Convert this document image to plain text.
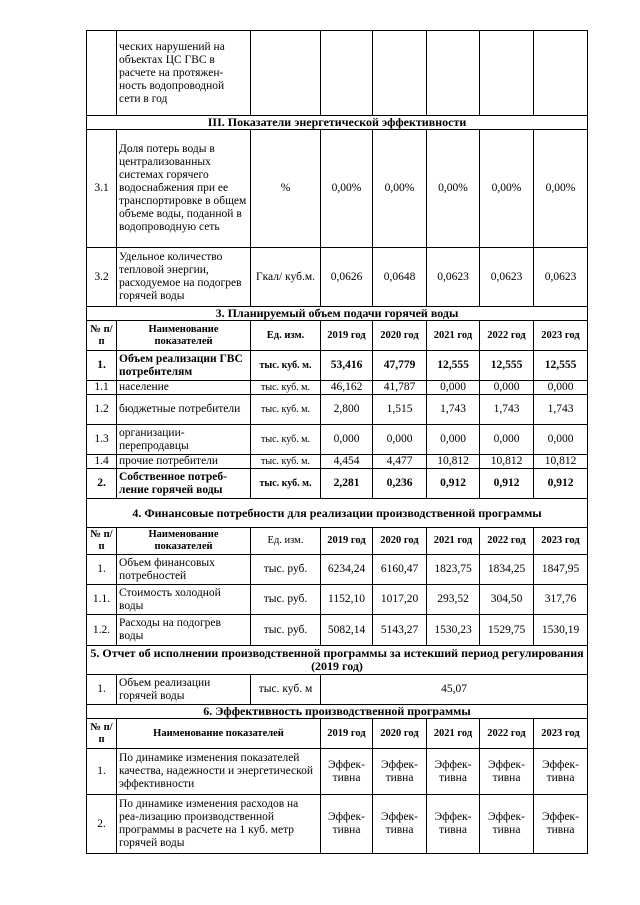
	ческих нарушений на объектах ЦС ГВС в расчете на протяжен-ность водопроводной сети в год						
III. Показатели энергетической эффективности							
3.1	Доля потерь воды в централизованных системах горячего водоснабжения при ее транспортировке в общем объеме воды, поданной в водопроводную сеть	%	0,00%	0,00%	0,00%	0,00%	0,00%
3.2	Удельное количество тепловой энергии, расходуемое на подогрев горячей воды	Гкал/ куб.м.	0,0626	0,0648	0,0623	0,0623	0,0623
3. Планируемый объем подачи горячей воды							
№ п/п	Наименование показателей	Ед. изм.	2019 год	2020 год	2021 год	2022 год	2023 год
1.	Объем реализации ГВС потребителям	тыс. куб. м.	53,416	47,779	12,555	12,555	12,555
1.1	население	тыс. куб. м.	46,162	41,787	0,000	0,000	0,000
1.2	бюджетные потребители	тыс. куб. м.	2,800	1,515	1,743	1,743	1,743
1.3	организации-перепродавцы	тыс. куб. м.	0,000	0,000	0,000	0,000	0,000
1.4	прочие потребители	тыс. куб. м.	4,454	4,477	10,812	10,812	10,812
2.	Собственное потреб-ление горячей воды	тыс. куб. м.	2,281	0,236	0,912	0,912	0,912
4. Финансовые потребности для реализации производственной программы							
№ п/п	Наименование показателей	Ед. изм.	2019 год	2020 год	2021 год	2022 год	2023 год
1.	Объем финансовых потребностей	тыс. руб.	6234,24	6160,47	1823,75	1834,25	1847,95
1.1.	Стоимость холодной воды	тыс. руб.	1152,10	1017,20	293,52	304,50	317,76
1.2.	Расходы на подогрев воды	тыс. руб.	5082,14	5143,27	1530,23	1529,75	1530,19
5. Отчет об исполнении производственной программы за истекший период регулирования (2019 год)							
1.	Объем реализации горячей воды	тыс. куб. м	45,07				
6. Эффективность производственной программы							
№ п/п	Наименование показателей		2019 год	2020 год	2021 год	2022 год	2023 год
1.	По динамике изменения показателей качества, надежности и энергетической эффективности		Эффек-тивна	Эффек-тивна	Эффек-тивна	Эффек-тивна	Эффек-тивна
2.	По динамике изменения расходов на реа-лизацию производственной программы в расчете на 1 куб. метр горячей воды		Эффек-тивна	Эффек-тивна	Эффек-тивна	Эффек-тивна	Эффек-тивна
